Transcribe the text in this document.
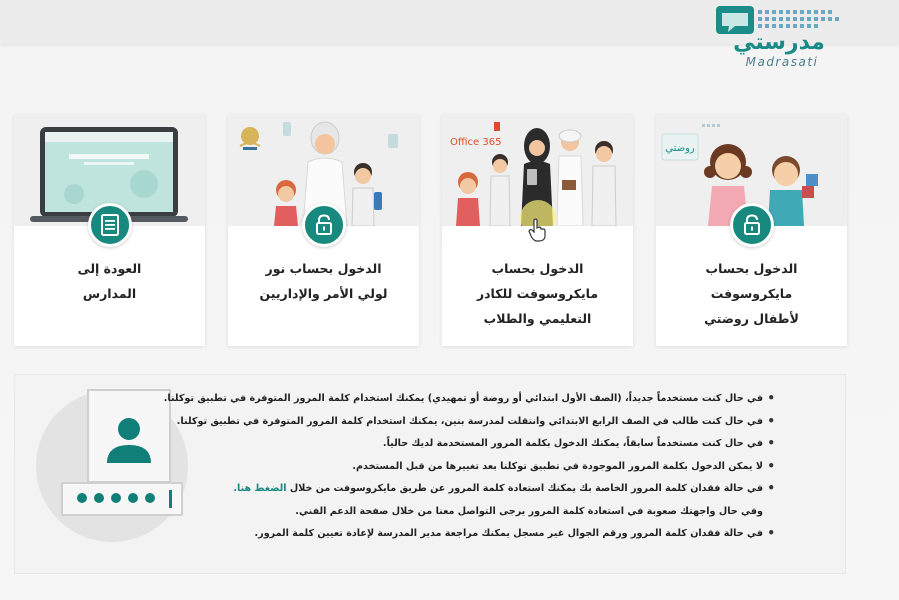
مدرستي
Madrasati
العودة إلى
المدارس
الدخول بحساب نور
لولي الأمر والإداريين
Office 365
الدخول بحساب مايكروسوفت للكادر
التعليمي والطلاب
روضتي
الدخول بحساب مايكروسوفت
لأطفال روضتي
• في حال كنت مستخدماً جديداً، (الصف الأول ابتدائي أو روضة أو تمهيدي) يمكنك استخدام كلمة المرور المتوفرة في تطبيق توكلنا.
• في حال كنت طالب في الصف الرابع الابتدائي وانتقلت لمدرسة بنين، يمكنك استخدام كلمة المرور المتوفرة في تطبيق توكلنا.
• في حال كنت مستخدماً سابقاً، يمكنك الدخول بكلمة المرور المستخدمة لديك حالياً.
• لا يمكن الدخول بكلمة المرور الموجودة في تطبيق توكلنا بعد تغييرها من قبل المستخدم.
• في حالة فقدان كلمة المرور الخاصة بك يمكنك استعادة كلمة المرور عن طريق مايكروسوفت من خلال الضغط هنا.
وفي حال واجهتك صعوبة في استعادة كلمة المرور يرجى التواصل معنا من خلال صفحة الدعم الفني.
• في حالة فقدان كلمة المرور ورقم الجوال غير مسجل يمكنك مراجعة مدير المدرسة لإعادة تعيين كلمة المرور.
